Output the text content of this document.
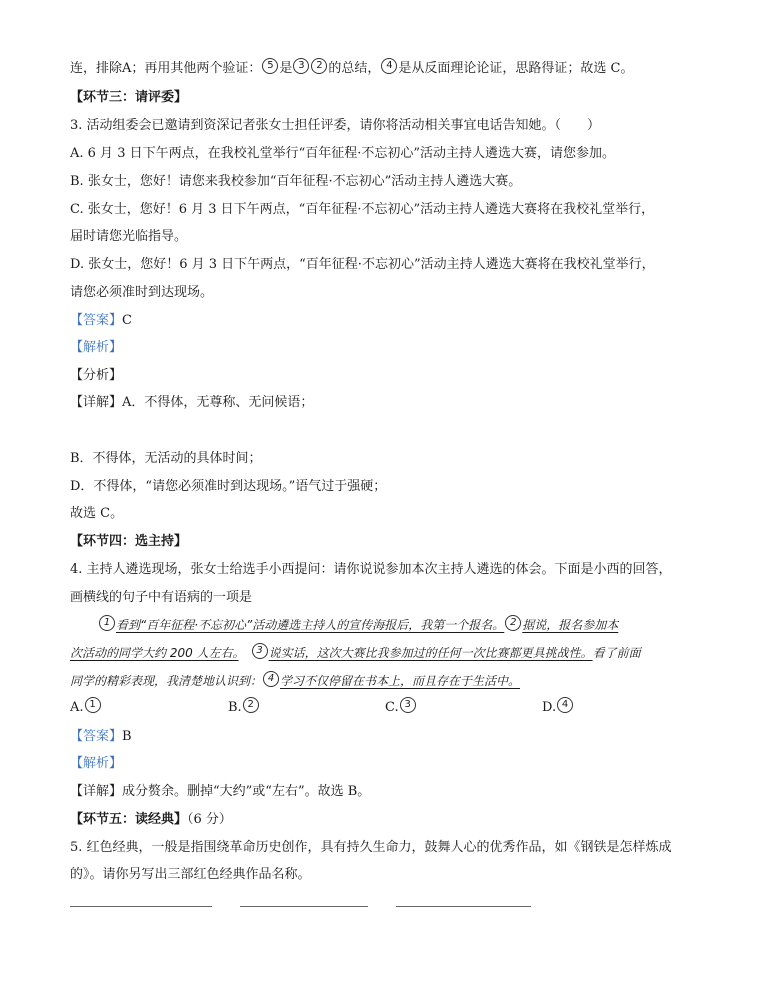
连，排除A；再用其他两个验证： 5 是 3 2 的总结， 4 是从反面理论论证，思路得证；故选 C。
【环节三：请评委】
3. 活动组委会已邀请到资深记者张女士担任评委，请你将活动相关事宜电话告知她。（　　）
A. 6 月 3 日下午两点，在我校礼堂举行“百年征程·不忘初心”活动主持人遴选大赛，请您参加。
B. 张女士，您好！请您来我校参加“百年征程·不忘初心”活动主持人遴选大赛。
C. 张女士，您好！6 月 3 日下午两点，“百年征程·不忘初心”活动主持人遴选大赛将在我校礼堂举行，
届时请您光临指导。
D. 张女士，您好！6 月 3 日下午两点，“百年征程·不忘初心”活动主持人遴选大赛将在我校礼堂举行，
请您必须准时到达现场。
【答案】C
【解析】
【分析】
【详解】A．不得体，无尊称、无问候语；
B．不得体，无活动的具体时间；
D．不得体，“请您必须准时到达现场。”语气过于强硬；
故选 C。
【环节四：选主持】
4. 主持人遴选现场，张女士给选手小西提问：请你说说参加本次主持人遴选的体会。下面是小西的回答，
画横线的句子中有语病的一项是
1 看到“百年征程·不忘初心”活动遴选主持人的宣传海报后，我第一个报名。 2 据说，报名参加本
次活动的同学大约 200 人左右。　 3 说实话，这次大赛比我参加过的任何一次比赛都更具挑战性。看了前面
同学的精彩表现，我清楚地认识到： 4 学习不仅停留在书本上，而且存在于生活中。
A. 1	B. 2	C. 3	D. 4
【答案】B
【解析】
【详解】成分赘余。删掉“大约”或“左右”。故选 B。
【环节五：读经典】（6 分）
5. 红色经典，一般是指围绕革命历史创作，具有持久生命力，鼓舞人心的优秀作品，如《钢铁是怎样炼成
的》。请你另写出三部红色经典作品名称。
